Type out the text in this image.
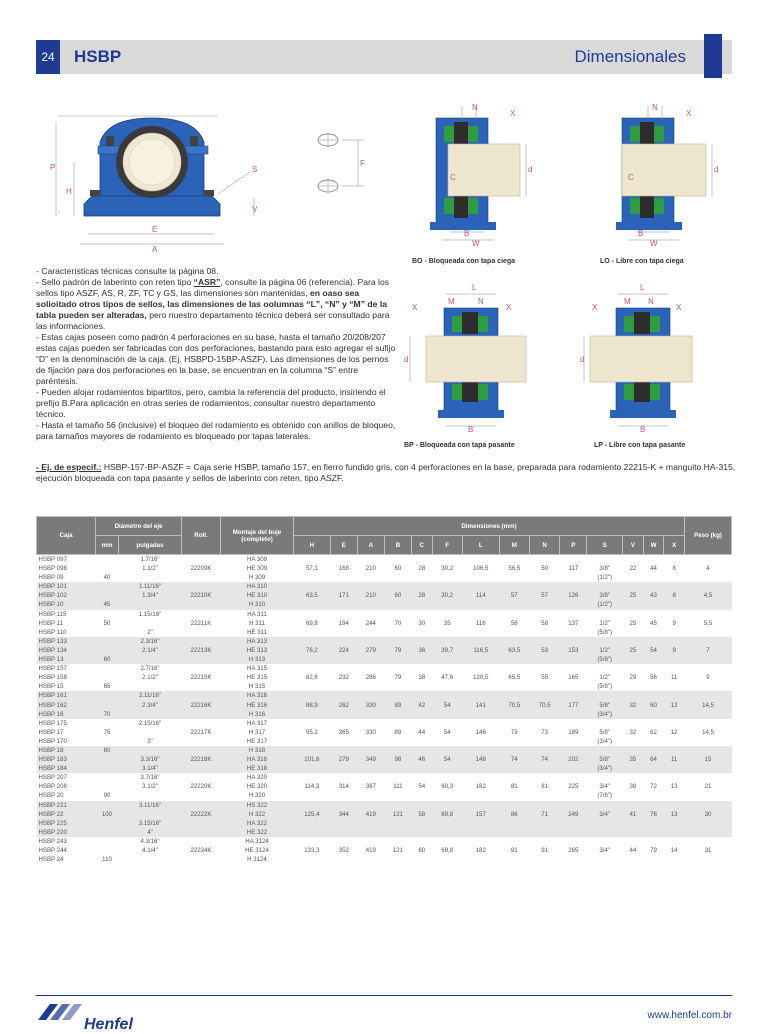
24	HSBP	Dimensionales
P
H
S
V
E
A
F
N
X
C
d
B
W
BO - Bloqueada con tapa ciega
N
X
C
d
B
W
LO - Libre con tapa ciega
L
M	N
X	X
d
B
BP - Bloqueada con tapa pasante
L
M N
X	X
d
B
LP - Libre con tapa pasante

- Características técnicas consulte la página 08.

- Sello padrón de laberinto con reten tipo “ASR”, consulte la página 06 (referencia). Para los sellos tipo ASZF, AS, R, ZF, TC y GS, las dimensiones son mantenidas, en oaso sea solioitado otros tipos de sellos, las dimensiones de las oolumnas “L”, “N” y “M” de la tabla pueden ser alteradas, pero nuestro departamento técnico deberá ser consultado para las informaciones.

- Estas cajas poseen como padrón 4 perforaciones en su base, hasta el tamaño 20/208/207 estas cajas pueden ser fabricadas con dos perforaciones, bastando para esto agregar el sufijo “D” en la denominación de la caja. (Ej. HSBPD-15BP-ASZF). Las dimensiones de los pernos de fijación para dos perforaciones en la base, se encuentran en la columna “S” entre paréntesis.

- Pueden alojar rodamientos bipartitos, pero, cambia la referencia del producto, insiriendo el prefijo B.Para aplicación en otras series de rodamientos, consultar nuestro departamento técnico.

- Hasta el tamaño 56 (inclusive) el bloqueo del rodamiento es obtenido con anillos de bloqueo, para tamaños mayores de rodamiento es bloqueado por tapas laterales.

- Ej. de especif.: HSBP-157-BP-ASZF = Caja serie HSBP, tamaño 157, en fierro fundido gris, con 4 perforaciones en la base, preparada para rodamiento 22215-K + manguito HA-315, ejecución bloqueada con tapa pasante y sellos de laberinto con reten, tipo ASZF.
Caja	Diámetro del eje		Roll.	Montaje del buje (completo)	Dimensiones (mm)														Peso (kg)
	mm	pulgadas			H	E	A	B	C	F	L	M	N	P	S	V	W	X	
HSBP 097		1.7/16"		HA 309															
HSBP 098		1.1/2"	22209K	HE 309	57,1	168	210	60	28	30,2	106,5	56,5	50	117	3/8"	22	44	8	4
HSBP 09	40			H 309											(1/2")				
HSBP 101		1.11/16"		HA 310															
HSBP 102		1.3/4"	22210K	HE 310	63,5	171	210	60	28	30,2	114	57	57	126	3/8"	25	43	8	4,5
HSBP 10	45			H 310											(1/2")				
HSBP 115		1.15/16"		HA 311															
HSBP 11	50		22211K	H 311	69,8	194	244	70	30	35	116	58	58	137	1/2"	25	45	9	5,5
HSBP 110		2"		HE 311											(5/8")				
HSBP 133		2.3/16"		HA 313															
HSBP 134		2.1/4"	22213K	HE 313	76,2	224	279	79	36	39,7	116,5	63,5	53	153	1/2"	25	54	9	7
HSBP 13	60			H 313											(5/8")				
HSBP 157		2.7/16"		HA 315															
HSBP 158		2.1/2"	22215K	HE 315	82,6	232	286	79	38	47,6	120,5	65,5	55	165	1/2"	29	56	11	9
HSBP 15	65			H 315											(5/8")				
HSBP 161		2.11/16"		HA 316															
HSBP 162		2.3/4"	22216K	HE 316	88,9	262	330	89	42	54	141	70,5	70,5	177	5/8"	32	60	12	14,5
HSBP 16	70			H 316											(3/4")				
HSBP 175		2.15/16"		HA 317															
HSBP 17	75		22217K	H 317	95,2	265	330	89	44	54	146	73	73	189	5/8"	32	62	12	14,5
HSBP 170		3"		HE 317											(3/4")				
HSBP 18	80			H 318															
HSBP 183		3.3/16"	22218K	HA 318	101,6	279	349	98	46	54	148	74	74	202	5/8"	35	64	11	15
HSBP 184		3.1/4"		HE 318											(3/4")				
HSBP 207		3.7/16"		HA 320															
HSBP 208		3.1/2"	22220K	HE 320	114,3	314	387	111	54	60,3	162	81	81	225	3/4"	38	72	13	21
HSBP 20	90			H 320											(7/8")				
HSBP 221		3.11/16"		HS 322															
HSBP 22	100		22222K	H 322	125,4	344	419	121	58	69,8	157	86	71	249	3/4"	41	76	13	30
HSBP 225		3.15/16"		HA 322															
HSBP 220		4"		HE 322															
HSBP 243		4.3/16"		HA 3124															
HSBP 244		4.1/4"	22224K	HE 3124	133,3	352	419	121	60	69,8	182	91	91	265	3/4"	44	79	14	31
HSBP 24	110			H 3124															
Henfel
www.henfel.com.br
